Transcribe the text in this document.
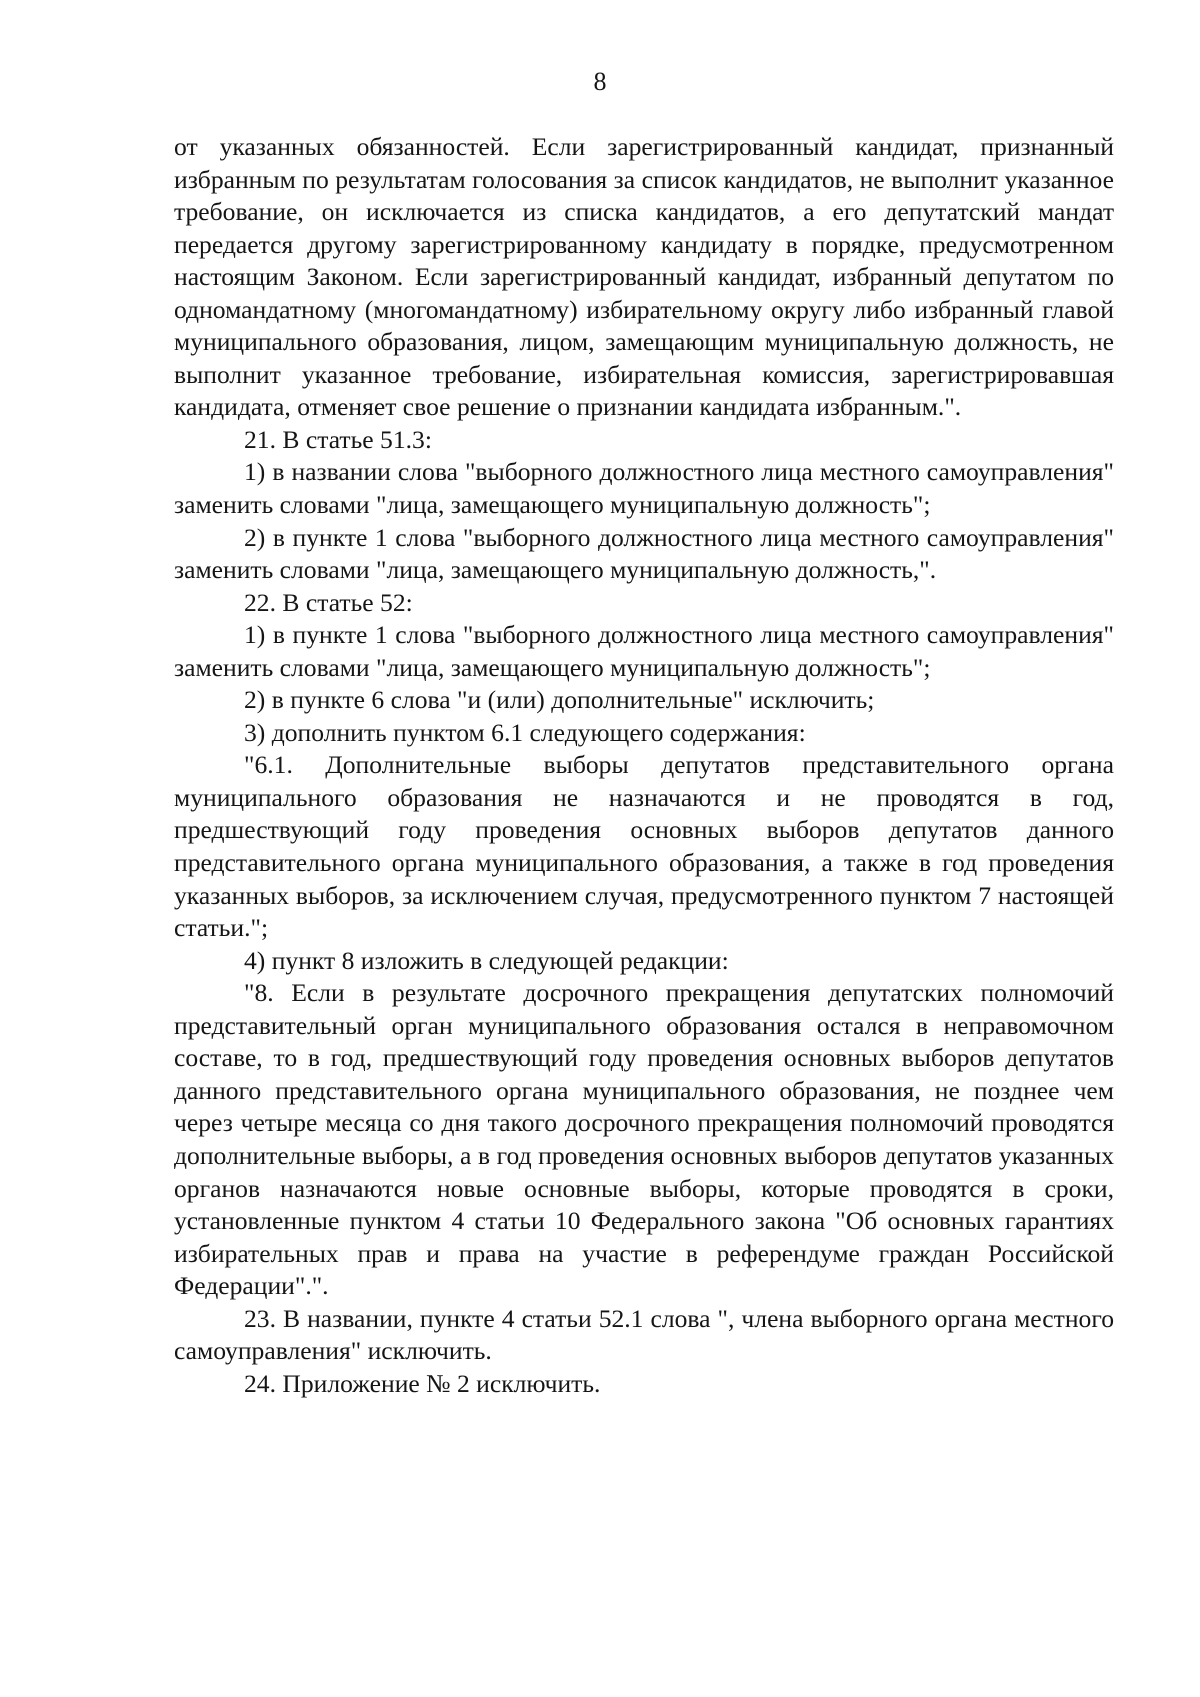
8

от указанных обязанностей. Если зарегистрированный кандидат, признанный избранным по результатам голосования за список кандидатов, не выполнит указанное требование, он исключается из списка кандидатов, а его депутатский мандат передается другому зарегистрированному кандидату в порядке, предусмотренном настоящим Законом. Если зарегистрированный кандидат, избранный депутатом по одномандатному (многомандатному) избирательному округу либо избранный главой муниципального образования, лицом, замещающим муниципальную должность, не выполнит указанное требование, избирательная комиссия, зарегистрировавшая кандидата, отменяет свое решение о признании кандидата избранным.".

21. В статье 51.3:

1) в названии слова "выборного должностного лица местного самоуправления" заменить словами "лица, замещающего муниципальную должность";

2) в пункте 1 слова "выборного должностного лица местного самоуправления" заменить словами "лица, замещающего муниципальную должность,".

22. В статье 52:

1) в пункте 1 слова "выборного должностного лица местного самоуправления" заменить словами "лица, замещающего муниципальную должность";

2) в пункте 6 слова "и (или) дополнительные" исключить;

3) дополнить пунктом 6.1 следующего содержания:

"6.1. Дополнительные выборы депутатов представительного органа муниципального образования не назначаются и не проводятся в год, предшествующий году проведения основных выборов депутатов данного представительного органа муниципального образования, а также в год проведения указанных выборов, за исключением случая, предусмотренного пунктом 7 настоящей статьи.";

4) пункт 8 изложить в следующей редакции:

"8. Если в результате досрочного прекращения депутатских полномочий представительный орган муниципального образования остался в неправомочном составе, то в год, предшествующий году проведения основных выборов депутатов данного представительного органа муниципального образования, не позднее чем через четыре месяца со дня такого досрочного прекращения полномочий проводятся дополнительные выборы, а в год проведения основных выборов депутатов указанных органов назначаются новые основные выборы, которые проводятся в сроки, установленные пунктом 4 статьи 10 Федерального закона "Об основных гарантиях избирательных прав и права на участие в референдуме граждан Российской Федерации".".

23. В названии, пункте 4 статьи 52.1 слова ", члена выборного органа местного самоуправления" исключить.

24. Приложение № 2 исключить.
